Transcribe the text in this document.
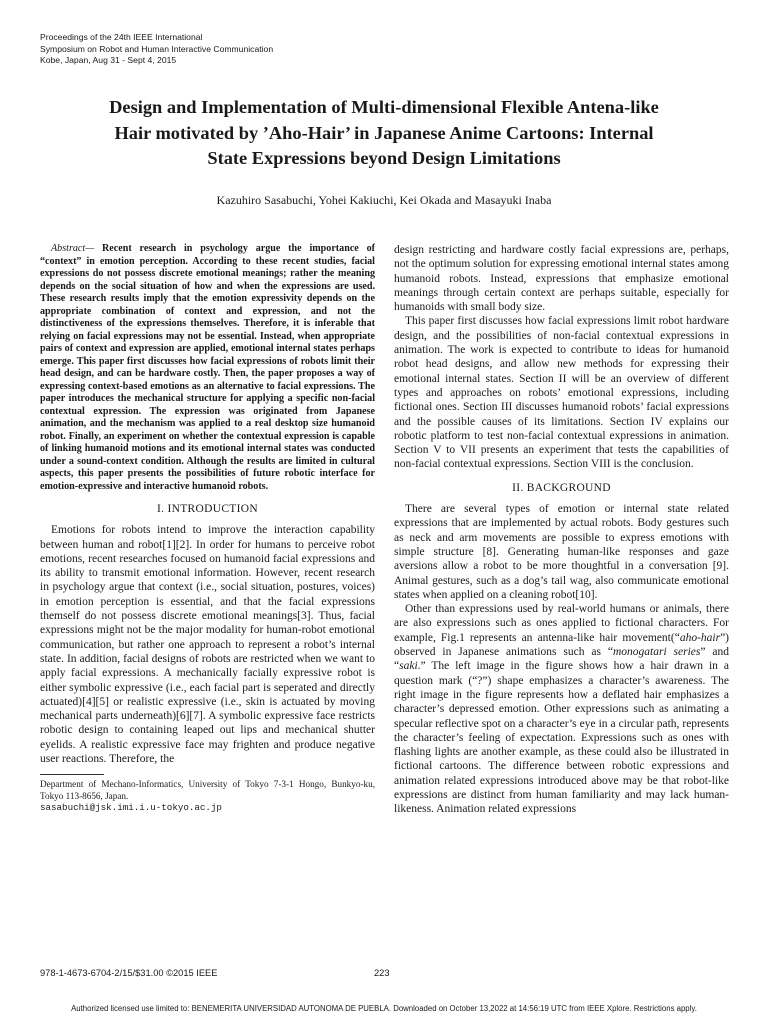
Proceedings of the 24th IEEE International
Symposium on Robot and Human Interactive Communication
Kobe, Japan, Aug 31 - Sept 4, 2015
Design and Implementation of Multi-dimensional Flexible Antena-like
Hair motivated by ’Aho-Hair’ in Japanese Anime Cartoons: Internal
State Expressions beyond Design Limitations
Kazuhiro Sasabuchi, Yohei Kakiuchi, Kei Okada and Masayuki Inaba

Abstract— Recent research in psychology argue the importance of “context” in emotion perception. According to these recent studies, facial expressions do not possess discrete emotional meanings; rather the meaning depends on the social situation of how and when the expressions are used. These research results imply that the emotion expressivity depends on the appropriate combination of context and expression, and not the distinctiveness of the expressions themselves. Therefore, it is inferable that relying on facial expressions may not be essential. Instead, when appropriate pairs of context and expression are applied, emotional internal states perhaps emerge. This paper first discusses how facial expressions of robots limit their head design, and can be hardware costly. Then, the paper proposes a way of expressing context-based emotions as an alternative to facial expressions. The paper introduces the mechanical structure for applying a specific non-facial contextual expression. The expression was originated from Japanese animation, and the mechanism was applied to a real desktop size humanoid robot. Finally, an experiment on whether the contextual expression is capable of linking humanoid motions and its emotional internal states was conducted under a sound-context condition. Although the results are limited in cultural aspects, this paper presents the possibilities of future robotic interface for emotion-expressive and interactive humanoid robots.

I. INTRODUCTION

Emotions for robots intend to improve the interaction capability between human and robot[1][2]. In order for humans to perceive robot emotions, recent researches focused on humanoid facial expressions and its ability to transmit emotional information. However, recent research in psychology argue that context (i.e., social situation, postures, voices) in emotion perception is essential, and that the facial expressions themself do not possess discrete emotional meanings[3]. Thus, facial expressions might not be the major modality for human-robot emotional communication, but rather one approach to represent a robot’s internal state. In addition, facial designs of robots are restricted when we want to apply facial expressions. A mechanically facially expressive robot is either symbolic expressive (i.e., each facial part is seperated and directly actuated)[4][5] or realistic expressive (i.e., skin is actuated by moving mechanical parts underneath)[6][7]. A symbolic expressive face restricts robotic design to containing leaped out lips and mechanical shutter eyelids. A realistic expressive face may frighten and produce negative user reactions. Therefore, the

Department of Mechano-Informatics, University of Tokyo 7-3-1 Hongo, Bunkyo-ku, Tokyo 113-8656, Japan.
sasabuchi@jsk.imi.i.u-tokyo.ac.jp

design restricting and hardware costly facial expressions are, perhaps, not the optimum solution for expressing emotional internal states among humanoid robots. Instead, expressions that emphasize emotional meanings through certain context are perhaps suitable, especially for humanoids with small body size.

This paper first discusses how facial expressions limit robot hardware design, and the possibilities of non-facial contextual expressions in animation. The work is expected to contribute to ideas for humanoid robot head designs, and allow new methods for expressing their emotional internal states. Section II will be an overview of different types and approaches on robots’ emotional expressions, including fictional ones. Section III discusses humanoid robots’ facial expressions and the possible causes of its limitations. Section IV explains our robotic platform to test non-facial contextual expressions in animation. Section V to VII presents an experiment that tests the capabilities of non-facial contextual expressions. Section VIII is the conclusion.

II. BACKGROUND

There are several types of emotion or internal state related expressions that are implemented by actual robots. Body gestures such as neck and arm movements are possible to express emotions with simple structure [8]. Generating human-like responses and gaze aversions allow a robot to be more thoughtful in a conversation [9]. Animal gestures, such as a dog’s tail wag, also communicate emotional states when applied on a cleaning robot[10].

Other than expressions used by real-world humans or animals, there are also expressions such as ones applied to fictional characters. For example, Fig.1 represents an antenna-like hair movement(“aho-hair”) observed in Japanese animations such as “monogatari series” and “saki.” The left image in the figure shows how a hair drawn in a question mark (“?”) shape emphasizes a character’s awareness. The right image in the figure represents how a deflated hair emphasizes a character’s depressed emotion. Other expressions such as animating a specular reflective spot on a character’s eye in a circular path, represents the character’s feeling of expectation. Expressions such as ones with flashing lights are another example, as these could also be illustrated in fictional cartoons. The difference between robotic expressions and animation related expressions introduced above may be that robot-like expressions are distinct from human familiarity and may lack human-likeness. Animation related expressions

978-1-4673-6704-2/15/$31.00 ©2015 IEEE	223
Authorized licensed use limited to: BENEMERITA UNIVERSIDAD AUTONOMA DE PUEBLA. Downloaded on October 13,2022 at 14:56:19 UTC from IEEE Xplore. Restrictions apply.
